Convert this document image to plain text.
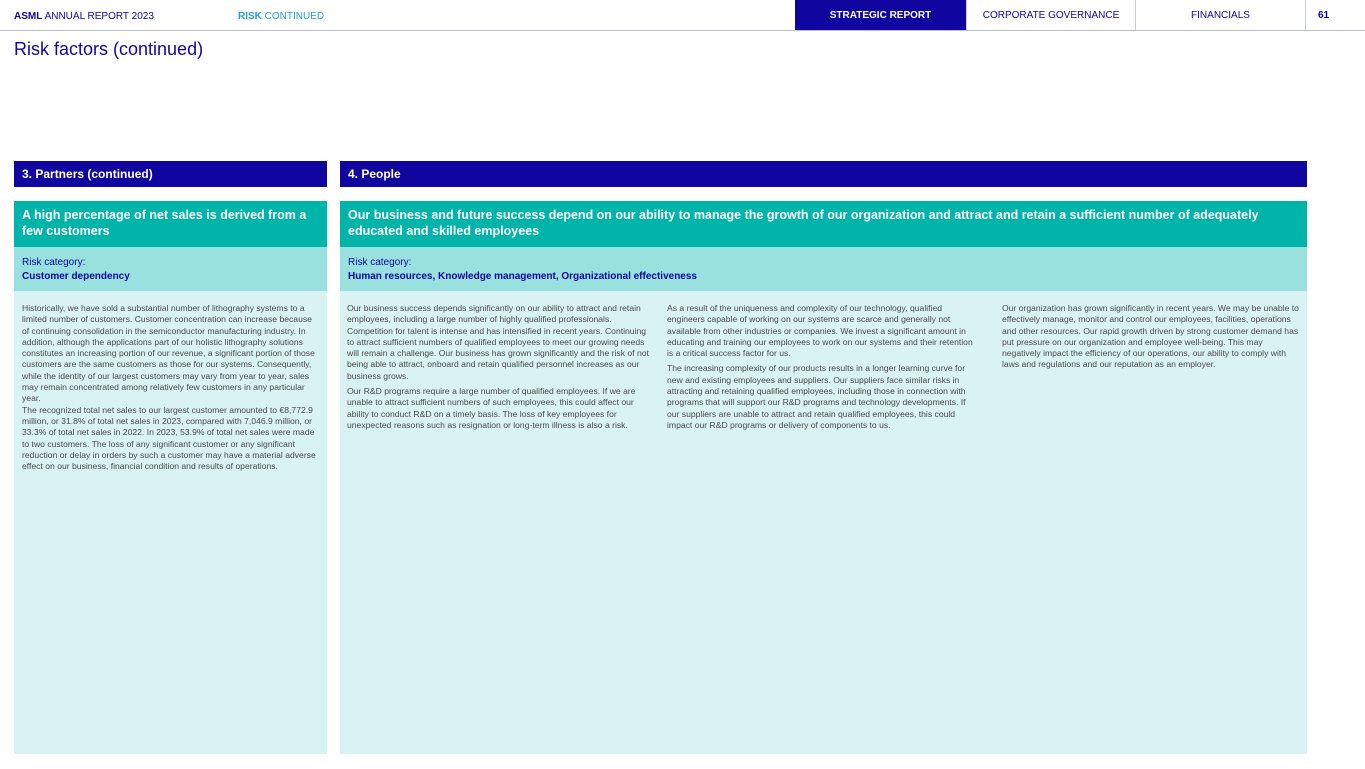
ASML ANNUAL REPORT 2023	RISK CONTINUED	STRATEGIC REPORT	CORPORATE GOVERNANCE	FINANCIALS	61
Risk factors (continued)
3. Partners (continued)
A high percentage of net sales is derived from a few customers
Risk category:
Customer dependency

Historically, we have sold a substantial number of lithography systems to a limited number of customers. Customer concentration can increase because of continuing consolidation in the semiconductor manufacturing industry. In addition, although the applications part of our holistic lithography solutions constitutes an increasing portion of our revenue, a significant portion of those customers are the same customers as those for our systems. Consequently, while the identity of our largest customers may vary from year to year, sales may remain concentrated among relatively few customers in any particular year.

The recognized total net sales to our largest customer amounted to €8,772.9 million, or 31.8% of total net sales in 2023, compared with 7,046.9 million, or 33.3% of total net sales in 2022. In 2023, 53.9% of total net sales were made to two customers. The loss of any significant customer or any significant reduction or delay in orders by such a customer may have a material adverse effect on our business, financial condition and results of operations.

4. People
Our business and future success depend on our ability to manage the growth of our organization and attract and retain a sufficient number of adequately educated and skilled employees
Risk category:
Human resources, Knowledge management, Organizational effectiveness

Our business success depends significantly on our ability to attract and retain employees, including a large number of highly qualified professionals. Competition for talent is intense and has intensified in recent years. Continuing to attract sufficient numbers of qualified employees to meet our growing needs will remain a challenge. Our business has grown significantly and the risk of not being able to attract, onboard and retain qualified personnel increases as our business grows.

Our R&D programs require a large number of qualified employees. If we are unable to attract sufficient numbers of such employees, this could affect our ability to conduct R&D on a timely basis. The loss of key employees for unexpected reasons such as resignation or long-term illness is also a risk.

As a result of the uniqueness and complexity of our technology, qualified engineers capable of working on our systems are scarce and generally not available from other industries or companies. We invest a significant amount in educating and training our employees to work on our systems and their retention is a critical success factor for us.

The increasing complexity of our products results in a longer learning curve for new and existing employees and suppliers. Our suppliers face similar risks in attracting and retaining qualified employees, including those in connection with programs that will support our R&D programs and technology developments. If our suppliers are unable to attract and retain qualified employees, this could impact our R&D programs or delivery of components to us.

Our organization has grown significantly in recent years. We may be unable to effectively manage, monitor and control our employees, facilities, operations and other resources. Our rapid growth driven by strong customer demand has put pressure on our organization and employee well-being. This may negatively impact the efficiency of our operations, our ability to comply with laws and regulations and our reputation as an employer.
